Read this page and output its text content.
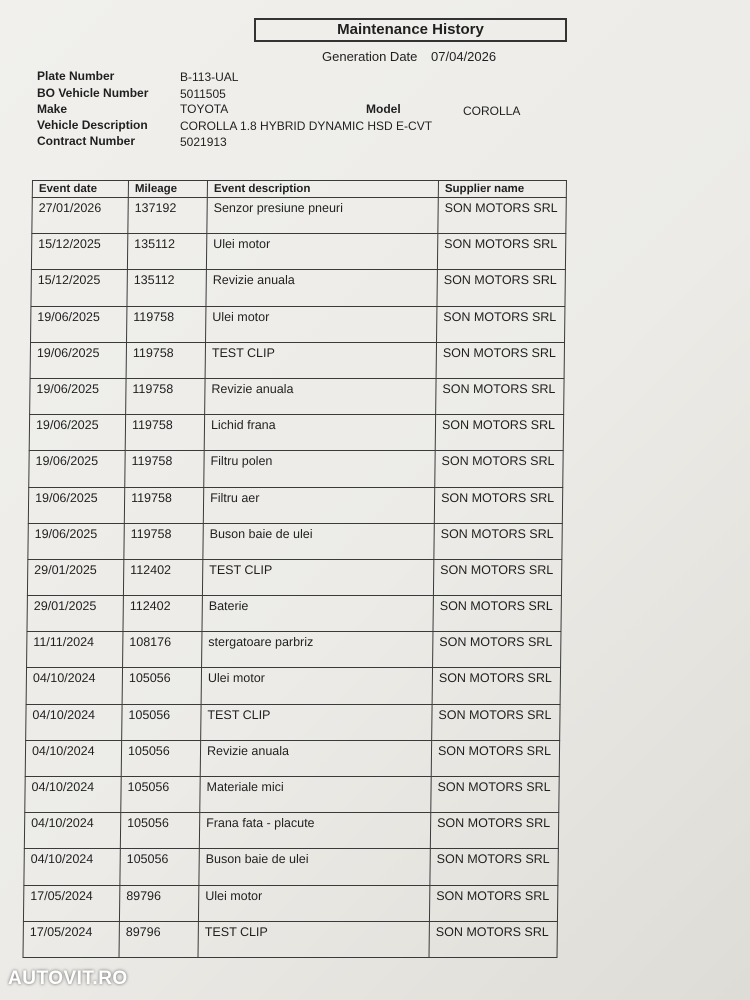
Maintenance History
Generation Date 07/04/2026
Plate Number	B-113-UAL
BO Vehicle Number	5011505
Make	TOYOTA	Model	COROLLA
Vehicle Description	COROLLA 1.8 HYBRID DYNAMIC HSD E-CVT
Contract Number	5021913
Event date	Mileage	Event description	Supplier name
27/01/2026	137192	Senzor presiune pneuri	SON MOTORS SRL
15/12/2025	135112	Ulei motor	SON MOTORS SRL
15/12/2025	135112	Revizie anuala	SON MOTORS SRL
19/06/2025	119758	Ulei motor	SON MOTORS SRL
19/06/2025	119758	TEST CLIP	SON MOTORS SRL
19/06/2025	119758	Revizie anuala	SON MOTORS SRL
19/06/2025	119758	Lichid frana	SON MOTORS SRL
19/06/2025	119758	Filtru polen	SON MOTORS SRL
19/06/2025	119758	Filtru aer	SON MOTORS SRL
19/06/2025	119758	Buson baie de ulei	SON MOTORS SRL
29/01/2025	112402	TEST CLIP	SON MOTORS SRL
29/01/2025	112402	Baterie	SON MOTORS SRL
11/11/2024	108176	stergatoare parbriz	SON MOTORS SRL
04/10/2024	105056	Ulei motor	SON MOTORS SRL
04/10/2024	105056	TEST CLIP	SON MOTORS SRL
04/10/2024	105056	Revizie anuala	SON MOTORS SRL
04/10/2024	105056	Materiale mici	SON MOTORS SRL
04/10/2024	105056	Frana fata - placute	SON MOTORS SRL
04/10/2024	105056	Buson baie de ulei	SON MOTORS SRL
17/05/2024	89796	Ulei motor	SON MOTORS SRL
17/05/2024	89796	TEST CLIP	SON MOTORS SRL
AUTOVIT.RO
